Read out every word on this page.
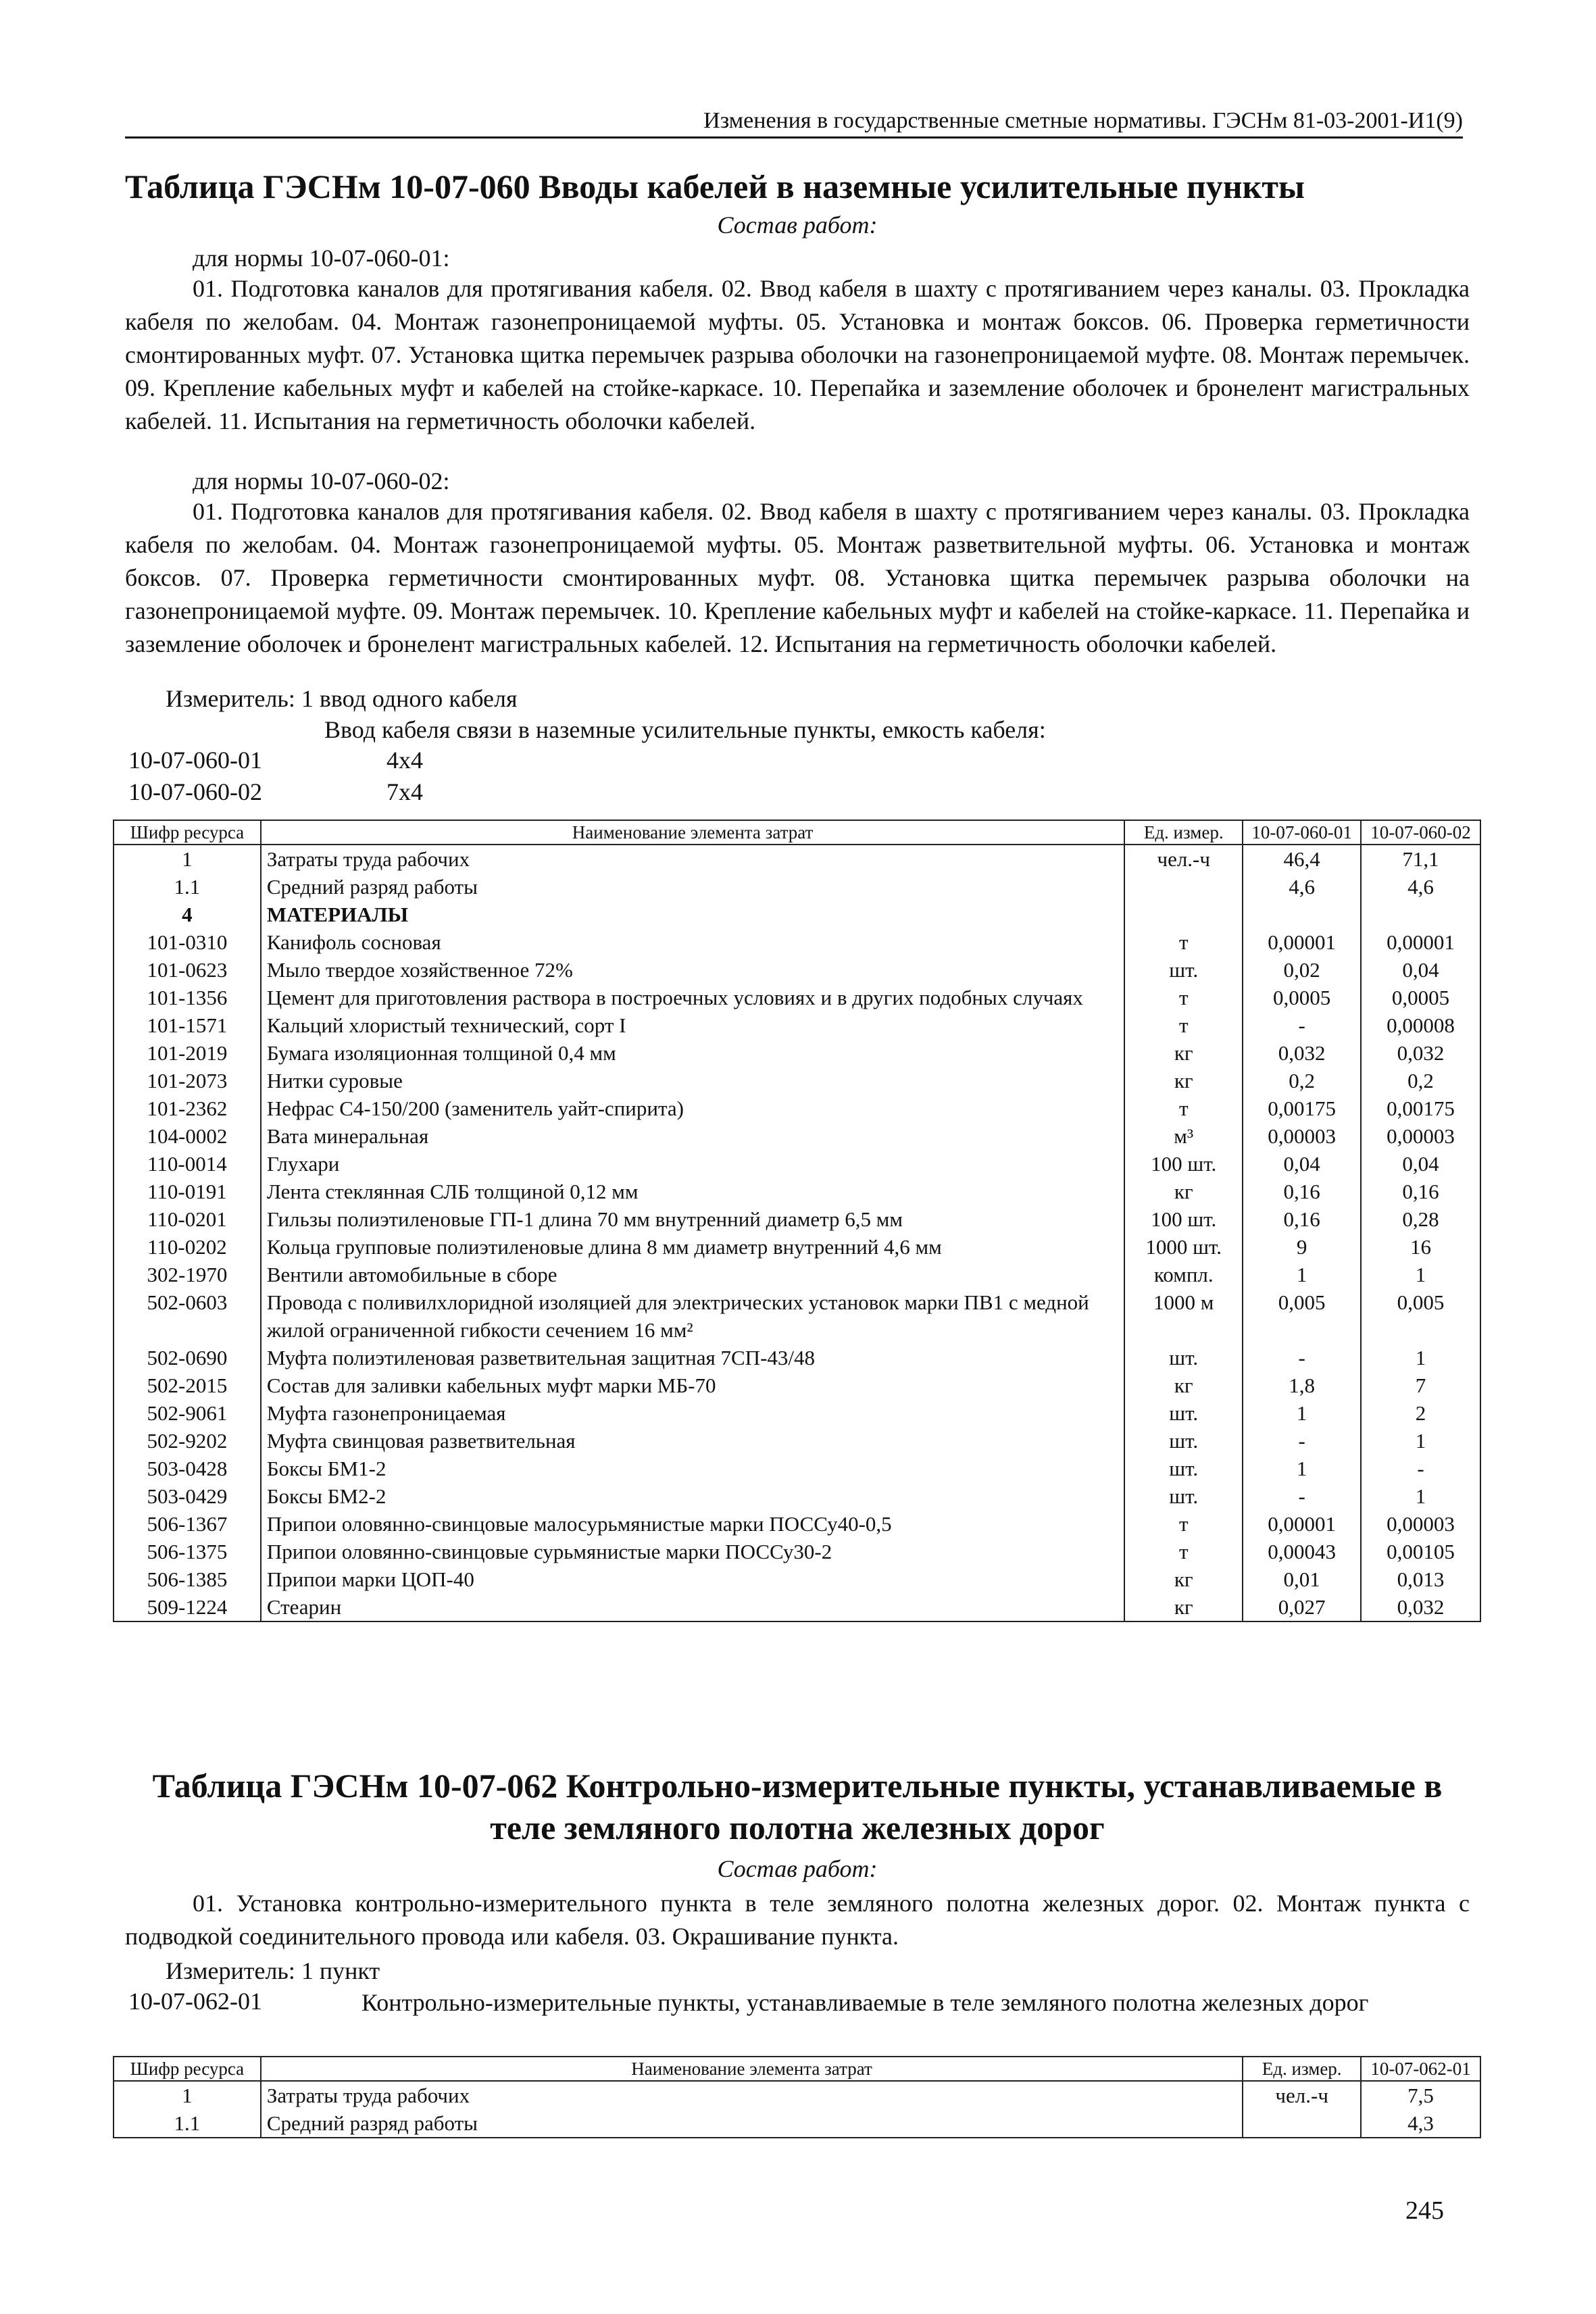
Изменения в государственные сметные нормативы. ГЭСНм 81-03-2001-И1(9)
Таблица ГЭСНм 10-07-060 Вводы кабелей в наземные усилительные пункты
Состав работ:
для нормы 10-07-060-01:
01. Подготовка каналов для протягивания кабеля. 02. Ввод кабеля в шахту с протягиванием через каналы. 03. Прокладка кабеля по желобам. 04. Монтаж газонепроницаемой муфты. 05. Установка и монтаж боксов. 06. Проверка герметичности смонтированных муфт. 07. Установка щитка перемычек разрыва оболочки на газонепроницаемой муфте. 08. Монтаж перемычек. 09. Крепление кабельных муфт и кабелей на стойке-каркасе. 10. Перепайка и заземление оболочек и бронелент магистральных кабелей. 11. Испытания на герметичность оболочки кабелей.
для нормы 10-07-060-02:
01. Подготовка каналов для протягивания кабеля. 02. Ввод кабеля в шахту с протягиванием через каналы. 03. Прокладка кабеля по желобам. 04. Монтаж газонепроницаемой муфты. 05. Монтаж разветвительной муфты. 06. Установка и монтаж боксов. 07. Проверка герметичности смонтированных муфт. 08. Установка щитка перемычек разрыва оболочки на газонепроницаемой муфте. 09. Монтаж перемычек. 10. Крепление кабельных муфт и кабелей на стойке-каркасе. 11. Перепайка и заземление оболочек и бронелент магистральных кабелей. 12. Испытания на герметичность оболочки кабелей.
Измеритель: 1 ввод одного кабеля
Ввод кабеля связи в наземные усилительные пункты, емкость кабеля:
10-07-060-01	4х4
10-07-060-02	7х4
Шифр ресурса	Наименование элемента затрат	Ед. измер.	10-07-060-01	10-07-060-02
1	Затраты труда рабочих	чел.-ч	46,4	71,1
1.1	Средний разряд работы		4,6	4,6
4	МАТЕРИАЛЫ			
101-0310	Канифоль сосновая	т	0,00001	0,00001
101-0623	Мыло твердое хозяйственное 72%	шт.	0,02	0,04
101-1356	Цемент для приготовления раствора в построечных условиях и в других подобных случаях	т	0,0005	0,0005
101-1571	Кальций хлористый технический, сорт I	т	-	0,00008
101-2019	Бумага изоляционная толщиной 0,4 мм	кг	0,032	0,032
101-2073	Нитки суровые	кг	0,2	0,2
101-2362	Нефрас С4-150/200 (заменитель уайт-спирита)	т	0,00175	0,00175
104-0002	Вата минеральная	м³	0,00003	0,00003
110-0014	Глухари	100 шт.	0,04	0,04
110-0191	Лента стеклянная СЛБ толщиной 0,12 мм	кг	0,16	0,16
110-0201	Гильзы полиэтиленовые ГП-1 длина 70 мм внутренний диаметр 6,5 мм	100 шт.	0,16	0,28
110-0202	Кольца групповые полиэтиленовые длина 8 мм диаметр внутренний 4,6 мм	1000 шт.	9	16
302-1970	Вентили автомобильные в сборе	компл.	1	1
502-0603	Провода с поливилхлоридной изоляцией для электрических установок марки ПВ1 с медной жилой ограниченной гибкости сечением 16 мм²	1000 м	0,005	0,005
502-0690	Муфта полиэтиленовая разветвительная защитная 7СП-43/48	шт.	-	1
502-2015	Состав для заливки кабельных муфт марки МБ-70	кг	1,8	7
502-9061	Муфта газонепроницаемая	шт.	1	2
502-9202	Муфта свинцовая разветвительная	шт.	-	1
503-0428	Боксы БМ1-2	шт.	1	-
503-0429	Боксы БМ2-2	шт.	-	1
506-1367	Припои оловянно-свинцовые малосурьмянистые марки ПОССу40-0,5	т	0,00001	0,00003
506-1375	Припои оловянно-свинцовые сурьмянистые марки ПОССу30-2	т	0,00043	0,00105
506-1385	Припои марки ЦОП-40	кг	0,01	0,013
509-1224	Стеарин	кг	0,027	0,032
Таблица ГЭСНм 10-07-062 Контрольно-измерительные пункты, устанавливаемые в
теле земляного полотна железных дорог
Состав работ:
01. Установка контрольно-измерительного пункта в теле земляного полотна железных дорог. 02. Монтаж пункта с подводкой соединительного провода или кабеля. 03. Окрашивание пункта.
Измеритель: 1 пункт
10-07-062-01	Контрольно-измерительные пункты, устанавливаемые в теле земляного полотна железных дорог
Шифр ресурса	Наименование элемента затрат	Ед. измер.	10-07-062-01
1	Затраты труда рабочих	чел.-ч	7,5
1.1	Средний разряд работы		4,3
245
